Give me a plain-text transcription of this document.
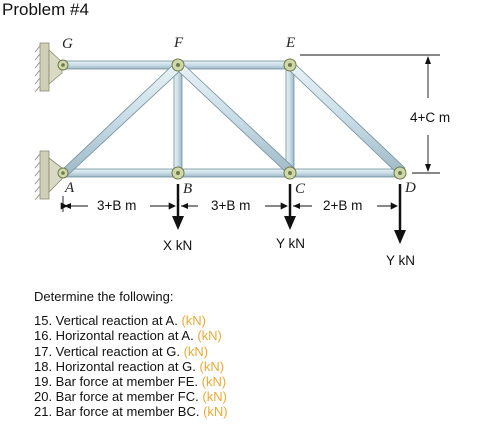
Problem #4
G	F	E
A	B	C	D
3+B m	3+B m	2+B m
4+C m
X kN	Y kN
Y kN
Determine the following:
15. Vertical reaction at A. (kN)
16. Horizontal reaction at A. (kN)
17. Vertical reaction at G. (kN)
18. Horizontal reaction at G. (kN)
19. Bar force at member FE. (kN)
20. Bar force at member FC. (kN)
21. Bar force at member BC. (kN)
